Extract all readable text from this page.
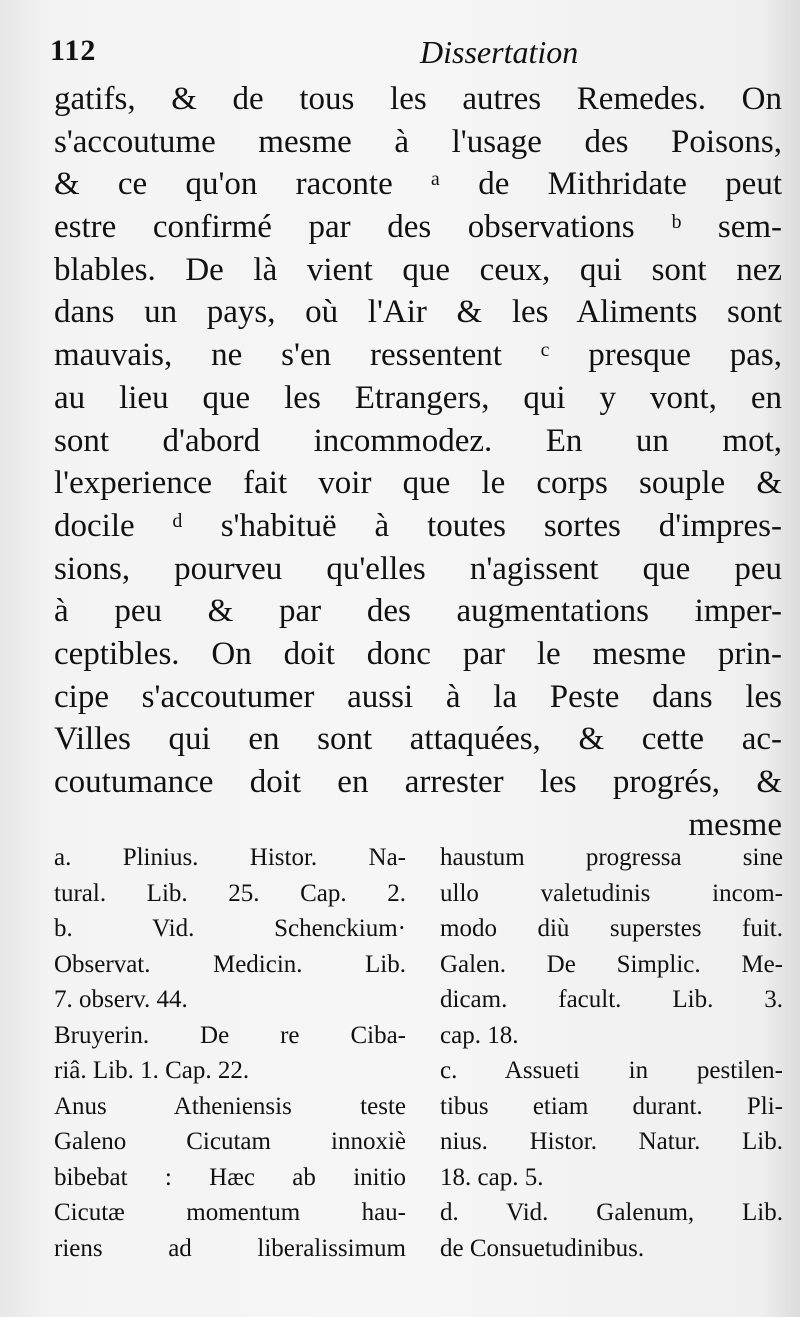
112	Dissertation
gatifs, & de tous les autres Remedes. On
s'accoutume mesme à l'usage des Poisons,
& ce qu'on raconte ᵃ de Mithridate peut
estre confirmé par des observations ᵇ sem-
blables. De là vient que ceux, qui sont nez
dans un pays, où l'Air & les Aliments sont
mauvais, ne s'en ressentent ᶜ presque pas,
au lieu que les Etrangers, qui y vont, en
sont d'abord incommodez. En un mot,
l'experience fait voir que le corps souple &
docile ᵈ s'habituë à toutes sortes d'impres-
sions, pourveu qu'elles n'agissent que peu
à peu & par des augmentations imper-
ceptibles. On doit donc par le mesme prin-
cipe s'accoutumer aussi à la Peste dans les
Villes qui en sont attaquées, & cette ac-
coutumance doit en arrester les progrés, &
mesme
a. Plinius. Histor. Na-
tural. Lib. 25. Cap. 2.
b. Vid. Schenckium·
Observat. Medicin. Lib.
7. observ. 44.
Bruyerin. De re Ciba-
riâ. Lib. 1. Cap. 22.
Anus Atheniensis teste
Galeno Cicutam innoxiè
bibebat : Hæc ab initio
Cicutæ momentum hau-
riens ad liberalissimum
haustum progressa sine
ullo valetudinis incom-
modo diù superstes fuit.
Galen. De Simplic. Me-
dicam. facult. Lib. 3.
cap. 18.
c. Assueti in pestilen-
tibus etiam durant. Pli-
nius. Histor. Natur. Lib.
18. cap. 5.
d. Vid. Galenum, Lib.
de Consuetudinibus.
